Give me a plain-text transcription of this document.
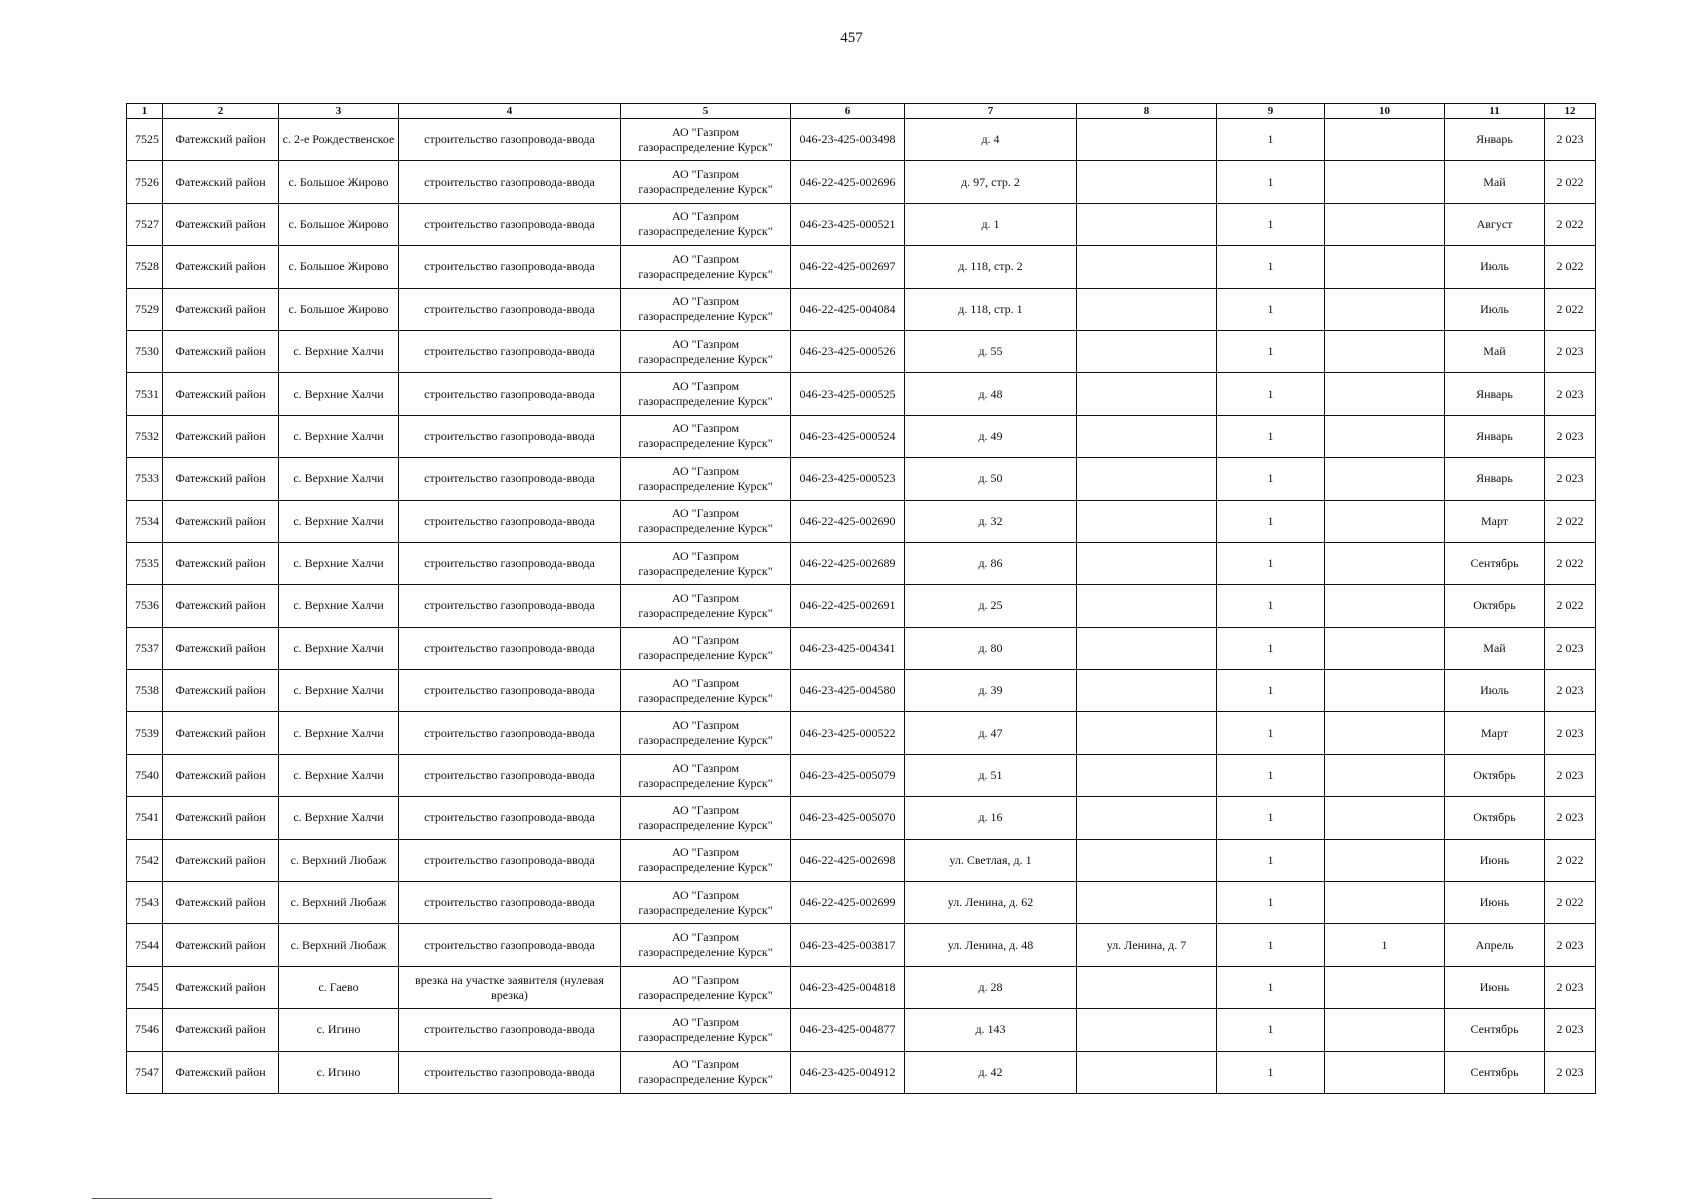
457
1	2	3	4	5	6	7	8	9	10	11	12
7525	Фатежский район	с. 2-е Рождественское	строительство газопровода-ввода	АО "Газпром газораспределение Курск"	046-23-425-003498	д. 4		1		Январь	2 023
7526	Фатежский район	с. Большое Жирово	строительство газопровода-ввода	АО "Газпром газораспределение Курск"	046-22-425-002696	д. 97, стр. 2		1		Май	2 022
7527	Фатежский район	с. Большое Жирово	строительство газопровода-ввода	АО "Газпром газораспределение Курск"	046-23-425-000521	д. 1		1		Август	2 022
7528	Фатежский район	с. Большое Жирово	строительство газопровода-ввода	АО "Газпром газораспределение Курск"	046-22-425-002697	д. 118, стр. 2		1		Июль	2 022
7529	Фатежский район	с. Большое Жирово	строительство газопровода-ввода	АО "Газпром газораспределение Курск"	046-22-425-004084	д. 118, стр. 1		1		Июль	2 022
7530	Фатежский район	с. Верхние Халчи	строительство газопровода-ввода	АО "Газпром газораспределение Курск"	046-23-425-000526	д. 55		1		Май	2 023
7531	Фатежский район	с. Верхние Халчи	строительство газопровода-ввода	АО "Газпром газораспределение Курск"	046-23-425-000525	д. 48		1		Январь	2 023
7532	Фатежский район	с. Верхние Халчи	строительство газопровода-ввода	АО "Газпром газораспределение Курск"	046-23-425-000524	д. 49		1		Январь	2 023
7533	Фатежский район	с. Верхние Халчи	строительство газопровода-ввода	АО "Газпром газораспределение Курск"	046-23-425-000523	д. 50		1		Январь	2 023
7534	Фатежский район	с. Верхние Халчи	строительство газопровода-ввода	АО "Газпром газораспределение Курск"	046-22-425-002690	д. 32		1		Март	2 022
7535	Фатежский район	с. Верхние Халчи	строительство газопровода-ввода	АО "Газпром газораспределение Курск"	046-22-425-002689	д. 86		1		Сентябрь	2 022
7536	Фатежский район	с. Верхние Халчи	строительство газопровода-ввода	АО "Газпром газораспределение Курск"	046-22-425-002691	д. 25		1		Октябрь	2 022
7537	Фатежский район	с. Верхние Халчи	строительство газопровода-ввода	АО "Газпром газораспределение Курск"	046-23-425-004341	д. 80		1		Май	2 023
7538	Фатежский район	с. Верхние Халчи	строительство газопровода-ввода	АО "Газпром газораспределение Курск"	046-23-425-004580	д. 39		1		Июль	2 023
7539	Фатежский район	с. Верхние Халчи	строительство газопровода-ввода	АО "Газпром газораспределение Курск"	046-23-425-000522	д. 47		1		Март	2 023
7540	Фатежский район	с. Верхние Халчи	строительство газопровода-ввода	АО "Газпром газораспределение Курск"	046-23-425-005079	д. 51		1		Октябрь	2 023
7541	Фатежский район	с. Верхние Халчи	строительство газопровода-ввода	АО "Газпром газораспределение Курск"	046-23-425-005070	д. 16		1		Октябрь	2 023
7542	Фатежский район	с. Верхний Любаж	строительство газопровода-ввода	АО "Газпром газораспределение Курск"	046-22-425-002698	ул. Светлая, д. 1		1		Июнь	2 022
7543	Фатежский район	с. Верхний Любаж	строительство газопровода-ввода	АО "Газпром газораспределение Курск"	046-22-425-002699	ул. Ленина, д. 62		1		Июнь	2 022
7544	Фатежский район	с. Верхний Любаж	строительство газопровода-ввода	АО "Газпром газораспределение Курск"	046-23-425-003817	ул. Ленина, д. 48	ул. Ленина, д. 7	1	1	Апрель	2 023
7545	Фатежский район	с. Гаево	врезка на участке заявителя (нулевая врезка)	АО "Газпром газораспределение Курск"	046-23-425-004818	д. 28		1		Июнь	2 023
7546	Фатежский район	с. Игино	строительство газопровода-ввода	АО "Газпром газораспределение Курск"	046-23-425-004877	д. 143		1		Сентябрь	2 023
7547	Фатежский район	с. Игино	строительство газопровода-ввода	АО "Газпром газораспределение Курск"	046-23-425-004912	д. 42		1		Сентябрь	2 023
